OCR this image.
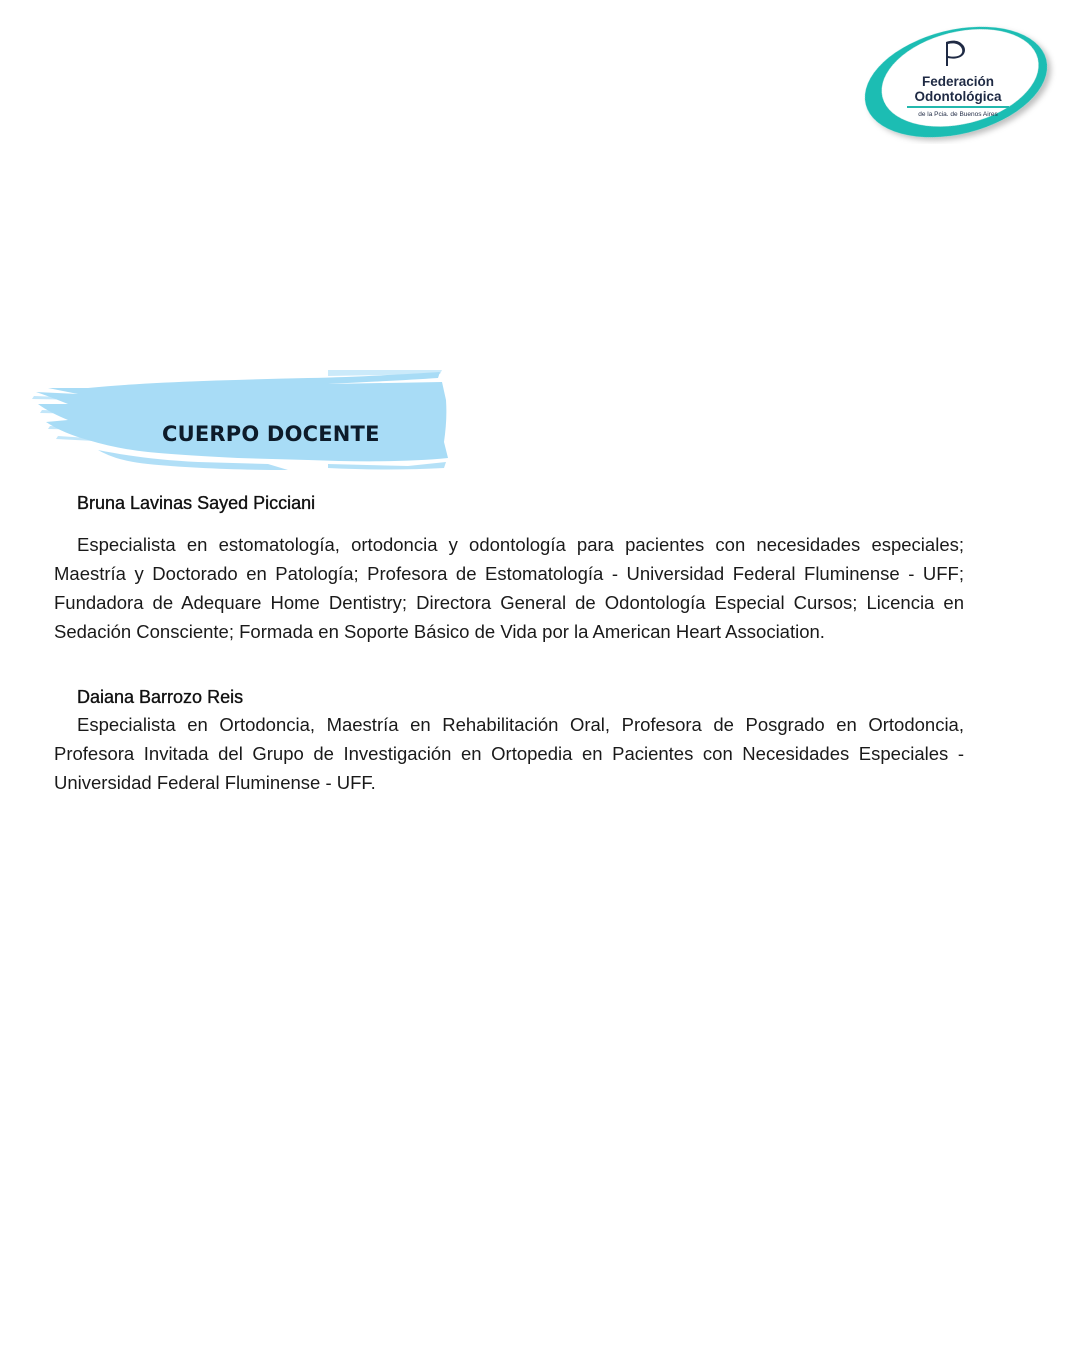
Federación
Odontológica
de la Pcia. de Buenos Aires
CUERPO DOCENTE

Bruna Lavinas Sayed Picciani

Especialista en estomatología, ortodoncia y odontología para pacientes con necesidades especiales; Maestría y Doctorado en Patología; Profesora de Estomatología - Universidad Federal Fluminense - UFF; Fundadora de Adequare Home Dentistry; Directora General de Odontología Especial Cursos; Licencia en Sedación Consciente; Formada en Soporte Básico de Vida por la American Heart Association.

Daiana Barrozo Reis

Especialista en Ortodoncia, Maestría en Rehabilitación Oral, Profesora de Posgrado en Ortodoncia, Profesora Invitada del Grupo de Investigación en Ortopedia en Pacientes con Necesidades Especiales - Universidad Federal Fluminense - UFF.
